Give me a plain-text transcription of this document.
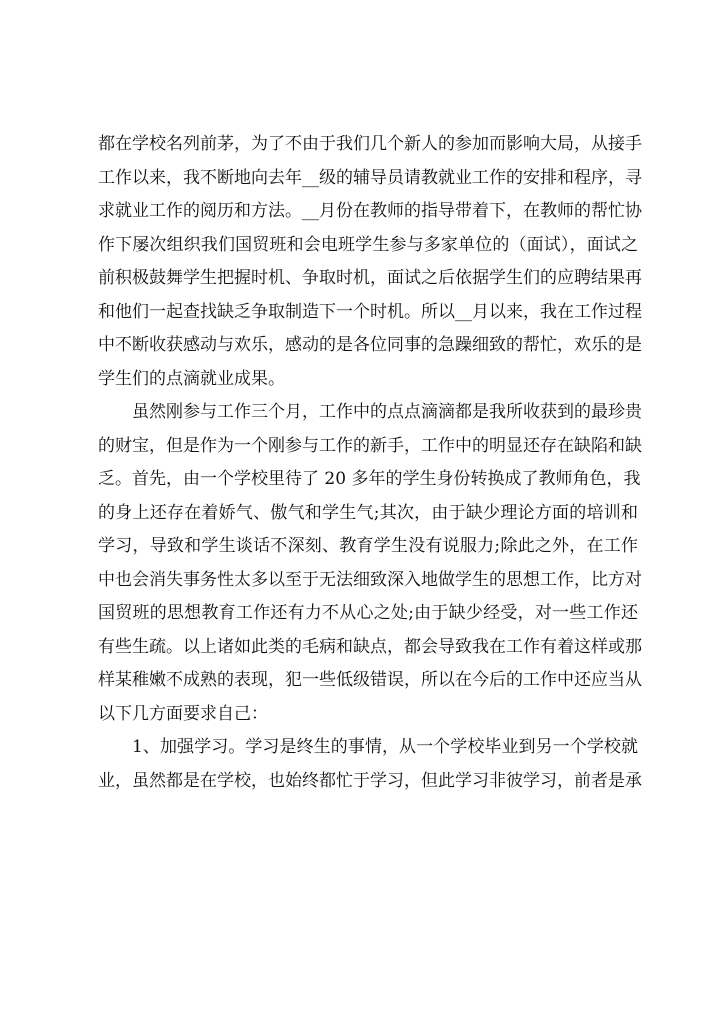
都在学校名列前茅，为了不由于我们几个新人的参加而影响大局，从接手
工作以来，我不断地向去年__级的辅导员请教就业工作的安排和程序，寻
求就业工作的阅历和方法。__月份在教师的指导带着下，在教师的帮忙协
作下屡次组织我们国贸班和会电班学生参与多家单位的（面试），面试之
前积极鼓舞学生把握时机、争取时机，面试之后依据学生们的应聘结果再
和他们一起查找缺乏争取制造下一个时机。所以__月以来，我在工作过程
中不断收获感动与欢乐，感动的是各位同事的急躁细致的帮忙，欢乐的是
学生们的点滴就业成果。
虽然刚参与工作三个月，工作中的点点滴滴都是我所收获到的最珍贵
的财宝，但是作为一个刚参与工作的新手，工作中的明显还存在缺陷和缺
乏。首先，由一个学校里待了 20 多年的学生身份转换成了教师角色，我
的身上还存在着娇气、傲气和学生气;其次，由于缺少理论方面的培训和
学习，导致和学生谈话不深刻、教育学生没有说服力;除此之外，在工作
中也会消失事务性太多以至于无法细致深入地做学生的思想工作，比方对
国贸班的思想教育工作还有力不从心之处;由于缺少经受，对一些工作还
有些生疏。以上诸如此类的毛病和缺点，都会导致我在工作有着这样或那
样某稚嫩不成熟的表现，犯一些低级错误，所以在今后的工作中还应当从
以下几方面要求自己：
1、加强学习。学习是终生的事情，从一个学校毕业到另一个学校就
业，虽然都是在学校，也始终都忙于学习，但此学习非彼学习，前者是承
